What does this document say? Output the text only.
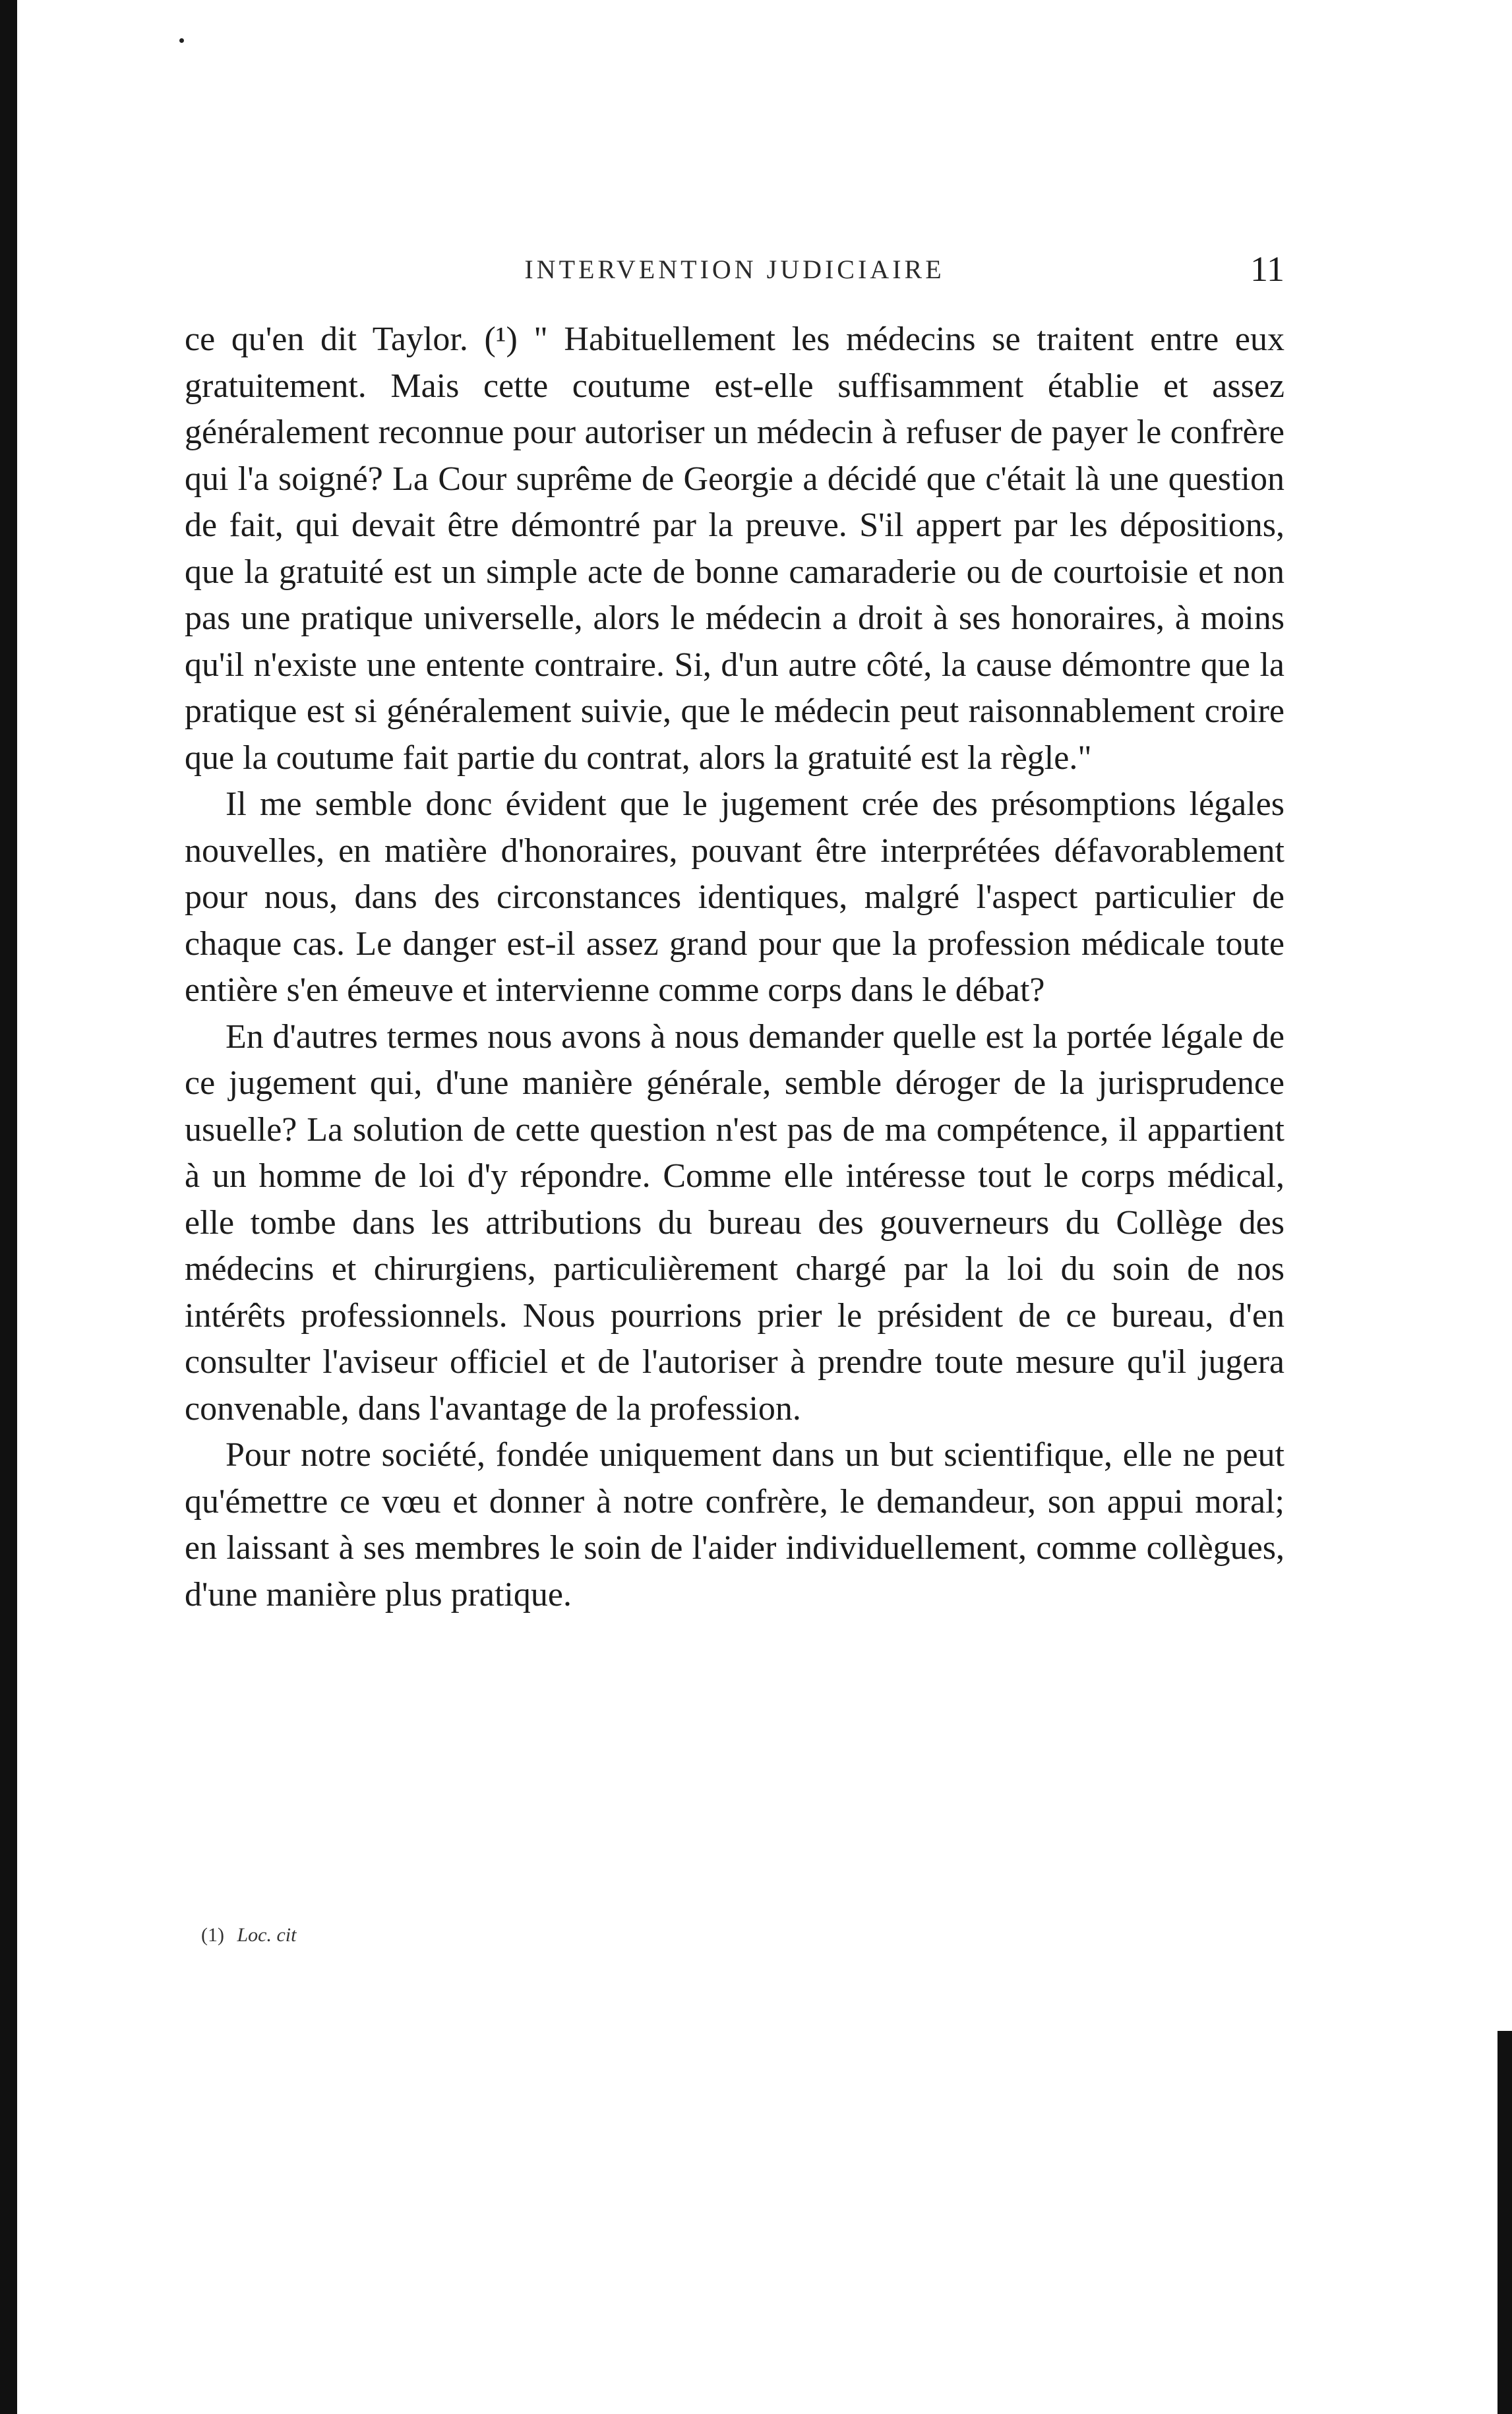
INTERVENTION JUDICIAIRE	11

ce qu'en dit Taylor. (¹) " Habituellement les médecins se traitent entre eux gratuitement. Mais cette coutume est-elle suffisamment établie et assez généralement reconnue pour autoriser un médecin à refuser de payer le confrère qui l'a soigné? La Cour suprême de Georgie a décidé que c'était là une question de fait, qui devait être démontré par la preuve. S'il appert par les dépositions, que la gratuité est un simple acte de bonne camaraderie ou de courtoisie et non pas une pratique universelle, alors le médecin a droit à ses honoraires, à moins qu'il n'existe une entente contraire. Si, d'un autre côté, la cause démontre que la pratique est si généralement suivie, que le médecin peut raisonnablement croire que la coutume fait partie du contrat, alors la gratuité est la règle."

Il me semble donc évident que le jugement crée des présomptions légales nouvelles, en matière d'honoraires, pouvant être interprétées défavorablement pour nous, dans des circonstances identiques, malgré l'aspect particulier de chaque cas. Le danger est-il assez grand pour que la profession médicale toute entière s'en émeuve et intervienne comme corps dans le débat?

En d'autres termes nous avons à nous demander quelle est la portée légale de ce jugement qui, d'une manière générale, semble déroger de la jurisprudence usuelle? La solution de cette question n'est pas de ma compétence, il appartient à un homme de loi d'y répondre. Comme elle intéresse tout le corps médical, elle tombe dans les attributions du bureau des gouverneurs du Collège des médecins et chirurgiens, particulièrement chargé par la loi du soin de nos intérêts professionnels. Nous pourrions prier le président de ce bureau, d'en consulter l'aviseur officiel et de l'autoriser à prendre toute mesure qu'il jugera convenable, dans l'avantage de la profession.

Pour notre société, fondée uniquement dans un but scientifique, elle ne peut qu'émettre ce vœu et donner à notre confrère, le demandeur, son appui moral; en laissant à ses membres le soin de l'aider individuellement, comme collègues, d'une manière plus pratique.

(1) Loc. cit
